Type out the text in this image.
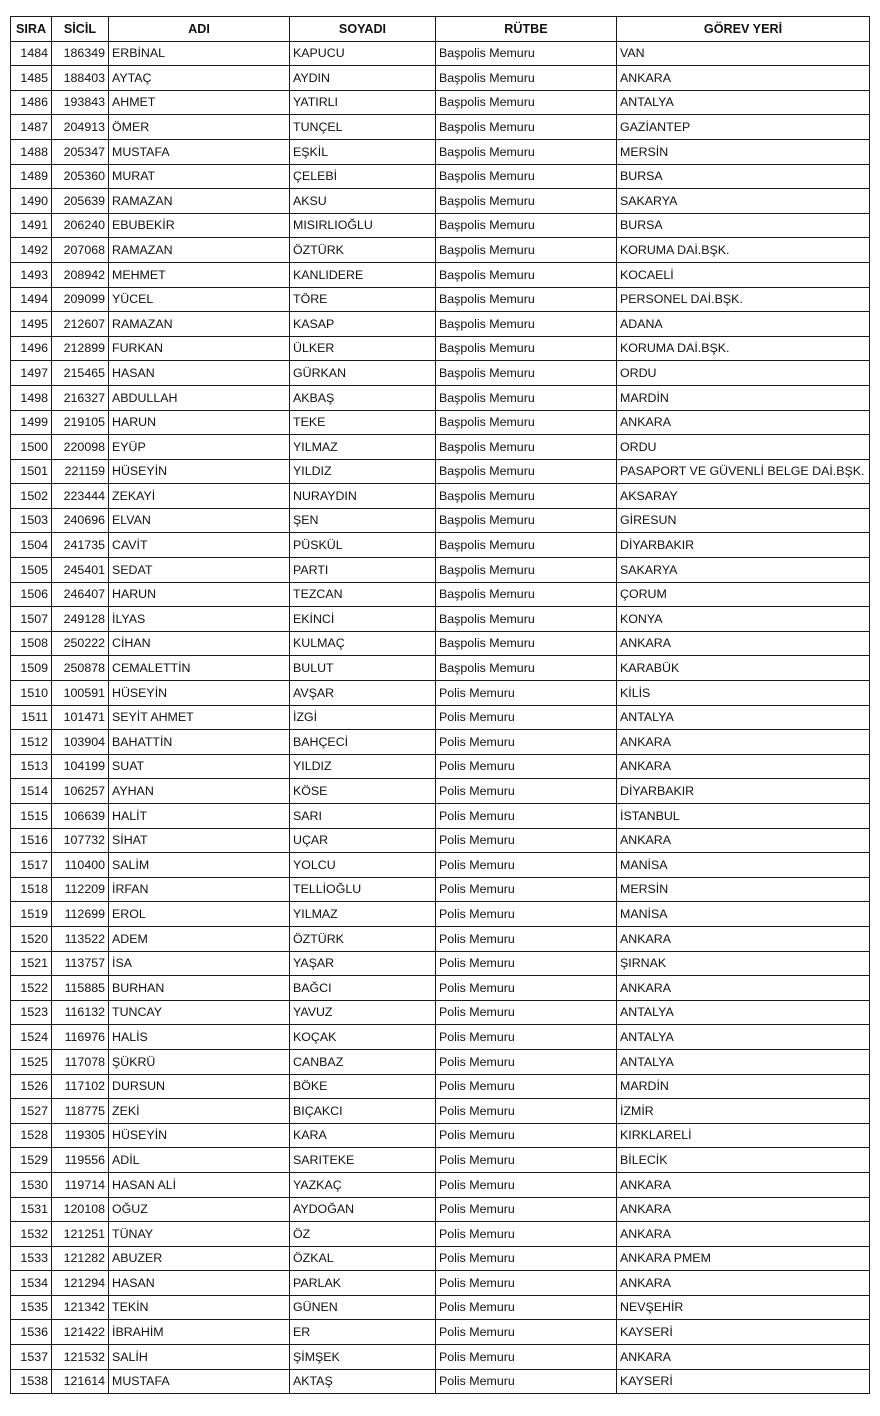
SIRA	SİCİL	ADI	SOYADI	RÜTBE	GÖREV YERİ
1484	186349	ERBİNAL	KAPUCU	Başpolis Memuru	VAN
1485	188403	AYTAÇ	AYDIN	Başpolis Memuru	ANKARA
1486	193843	AHMET	YATIRLI	Başpolis Memuru	ANTALYA
1487	204913	ÖMER	TUNÇEL	Başpolis Memuru	GAZİANTEP
1488	205347	MUSTAFA	EŞKİL	Başpolis Memuru	MERSİN
1489	205360	MURAT	ÇELEBİ	Başpolis Memuru	BURSA
1490	205639	RAMAZAN	AKSU	Başpolis Memuru	SAKARYA
1491	206240	EBUBEKİR	MISIRLIOĞLU	Başpolis Memuru	BURSA
1492	207068	RAMAZAN	ÖZTÜRK	Başpolis Memuru	KORUMA DAİ.BŞK.
1493	208942	MEHMET	KANLIDERE	Başpolis Memuru	KOCAELİ
1494	209099	YÜCEL	TÖRE	Başpolis Memuru	PERSONEL DAİ.BŞK.
1495	212607	RAMAZAN	KASAP	Başpolis Memuru	ADANA
1496	212899	FURKAN	ÜLKER	Başpolis Memuru	KORUMA DAİ.BŞK.
1497	215465	HASAN	GÜRKAN	Başpolis Memuru	ORDU
1498	216327	ABDULLAH	AKBAŞ	Başpolis Memuru	MARDİN
1499	219105	HARUN	TEKE	Başpolis Memuru	ANKARA
1500	220098	EYÜP	YILMAZ	Başpolis Memuru	ORDU
1501	221159	HÜSEYİN	YILDIZ	Başpolis Memuru	PASAPORT VE GÜVENLİ BELGE DAİ.BŞK.
1502	223444	ZEKAYİ	NURAYDIN	Başpolis Memuru	AKSARAY
1503	240696	ELVAN	ŞEN	Başpolis Memuru	GİRESUN
1504	241735	CAVİT	PÜSKÜL	Başpolis Memuru	DİYARBAKIR
1505	245401	SEDAT	PARTI	Başpolis Memuru	SAKARYA
1506	246407	HARUN	TEZCAN	Başpolis Memuru	ÇORUM
1507	249128	İLYAS	EKİNCİ	Başpolis Memuru	KONYA
1508	250222	CİHAN	KULMAÇ	Başpolis Memuru	ANKARA
1509	250878	CEMALETTİN	BULUT	Başpolis Memuru	KARABÜK
1510	100591	HÜSEYİN	AVŞAR	Polis Memuru	KİLİS
1511	101471	SEYİT AHMET	İZGİ	Polis Memuru	ANTALYA
1512	103904	BAHATTİN	BAHÇECİ	Polis Memuru	ANKARA
1513	104199	SUAT	YILDIZ	Polis Memuru	ANKARA
1514	106257	AYHAN	KÖSE	Polis Memuru	DİYARBAKIR
1515	106639	HALİT	SARI	Polis Memuru	İSTANBUL
1516	107732	SİHAT	UÇAR	Polis Memuru	ANKARA
1517	110400	SALİM	YOLCU	Polis Memuru	MANİSA
1518	112209	İRFAN	TELLİOĞLU	Polis Memuru	MERSİN
1519	112699	EROL	YILMAZ	Polis Memuru	MANİSA
1520	113522	ADEM	ÖZTÜRK	Polis Memuru	ANKARA
1521	113757	İSA	YAŞAR	Polis Memuru	ŞIRNAK
1522	115885	BURHAN	BAĞCI	Polis Memuru	ANKARA
1523	116132	TUNCAY	YAVUZ	Polis Memuru	ANTALYA
1524	116976	HALİS	KOÇAK	Polis Memuru	ANTALYA
1525	117078	ŞÜKRÜ	CANBAZ	Polis Memuru	ANTALYA
1526	117102	DURSUN	BÖKE	Polis Memuru	MARDİN
1527	118775	ZEKİ	BIÇAKCI	Polis Memuru	İZMİR
1528	119305	HÜSEYİN	KARA	Polis Memuru	KIRKLARELİ
1529	119556	ADİL	SARITEKE	Polis Memuru	BİLECİK
1530	119714	HASAN ALİ	YAZKAÇ	Polis Memuru	ANKARA
1531	120108	OĞUZ	AYDOĞAN	Polis Memuru	ANKARA
1532	121251	TÜNAY	ÖZ	Polis Memuru	ANKARA
1533	121282	ABUZER	ÖZKAL	Polis Memuru	ANKARA PMEM
1534	121294	HASAN	PARLAK	Polis Memuru	ANKARA
1535	121342	TEKİN	GÜNEN	Polis Memuru	NEVŞEHİR
1536	121422	İBRAHİM	ER	Polis Memuru	KAYSERİ
1537	121532	SALİH	ŞİMŞEK	Polis Memuru	ANKARA
1538	121614	MUSTAFA	AKTAŞ	Polis Memuru	KAYSERİ
